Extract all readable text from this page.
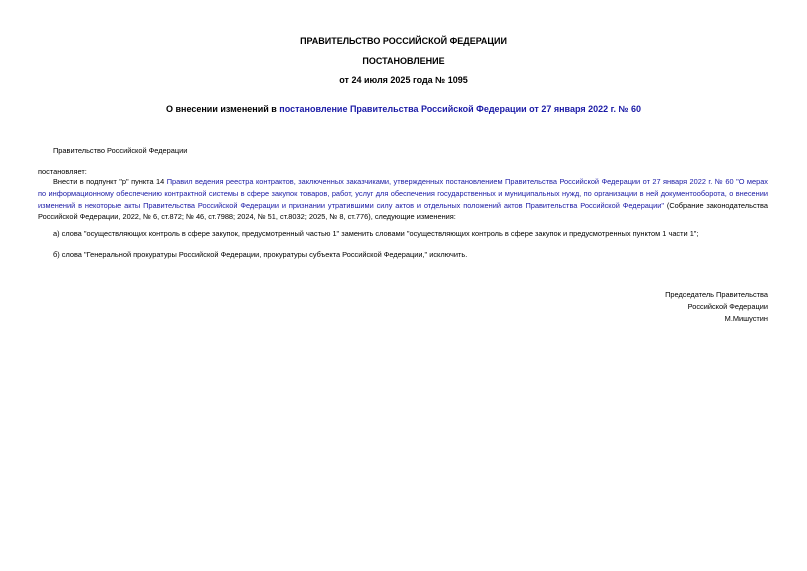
ПРАВИТЕЛЬСТВО РОССИЙСКОЙ ФЕДЕРАЦИИ
ПОСТАНОВЛЕНИЕ
от 24 июля 2025 года № 1095
О внесении изменений в постановление Правительства Российской Федерации от 27 января 2022 г. № 60
Правительство Российской Федерации
постановляет:
Внести в подпункт "р" пункта 14 Правил ведения реестра контрактов, заключенных заказчиками, утвержденных постановлением Правительства Российской Федерации от 27 января 2022 г. № 60 "О мерах по информационному обеспечению контрактной системы в сфере закупок товаров, работ, услуг для обеспечения государственных и муниципальных нужд, по организации в ней документооборота, о внесении изменений в некоторые акты Правительства Российской Федерации и признании утратившими силу актов и отдельных положений актов Правительства Российской Федерации" (Собрание законодательства Российской Федерации, 2022, № 6, ст.872; № 46, ст.7988; 2024, № 51, ст.8032; 2025, № 8, ст.776), следующие изменения:
а) слова "осуществляющих контроль в сфере закупок, предусмотренный частью 1" заменить словами "осуществляющих контроль в сфере закупок и предусмотренных пунктом 1 части 1";
б) слова "Генеральной прокуратуры Российской Федерации, прокуратуры субъекта Российской Федерации," исключить.
Председатель Правительства
Российской Федерации
М.Мишустин
